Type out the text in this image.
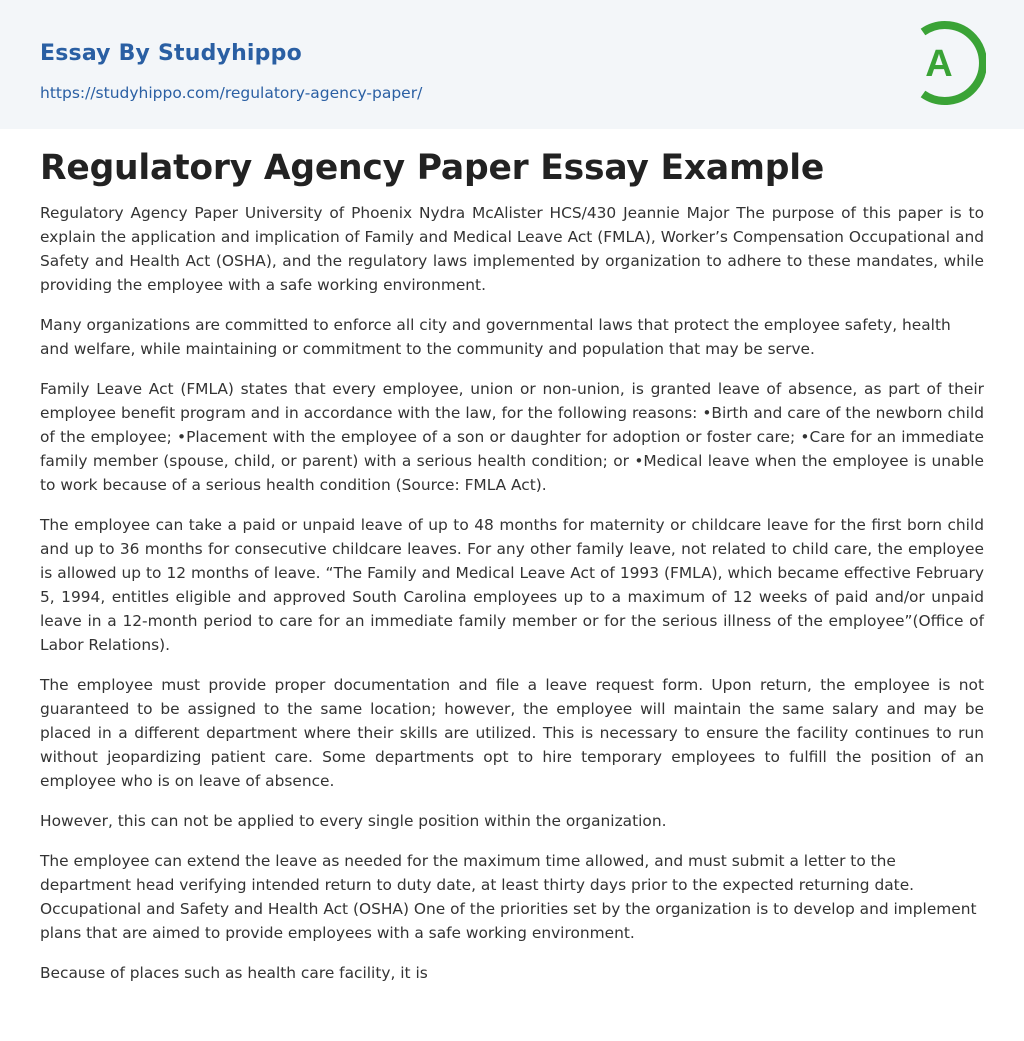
Essay By Studyhippo
https://studyhippo.com/regulatory-agency-paper/
A
Regulatory Agency Paper Essay Example

Regulatory Agency Paper University of Phoenix Nydra McAlister HCS/430 Jeannie Major The purpose of this paper is to explain the application and implication of Family and Medical Leave Act (FMLA), Worker’s Compensation Occupational and Safety and Health Act (OSHA), and the regulatory laws implemented by organization to adhere to these mandates, while providing the employee with a safe working environment.

Many organizations are committed to enforce all city and governmental laws that protect the employee safety, health and welfare, while maintaining or commitment to the community and population that may be serve.

Family Leave Act (FMLA) states that every employee, union or non-union, is granted leave of absence, as part of their employee benefit program and in accordance with the law, for the following reasons: •Birth and care of the newborn child of the employee; •Placement with the employee of a son or daughter for adoption or foster care; •Care for an immediate family member (spouse, child, or parent) with a serious health condition; or •Medical leave when the employee is unable to work because of a serious health condition (Source: FMLA Act).

The employee can take a paid or unpaid leave of up to 48 months for maternity or childcare leave for the first born child and up to 36 months for consecutive childcare leaves. For any other family leave, not related to child care, the employee is allowed up to 12 months of leave. “The Family and Medical Leave Act of 1993 (FMLA), which became effective February 5, 1994, entitles eligible and approved South Carolina employees up to a maximum of 12 weeks of paid and/or unpaid leave in a 12-month period to care for an immediate family member or for the serious illness of the employee”(Office of Labor Relations).

The employee must provide proper documentation and file a leave request form. Upon return, the employee is not guaranteed to be assigned to the same location; however, the employee will maintain the same salary and may be placed in a different department where their skills are utilized. This is necessary to ensure the facility continues to run without jeopardizing patient care. Some departments opt to hire temporary employees to fulfill the position of an employee who is on leave of absence.

However, this can not be applied to every single position within the organization.

The employee can extend the leave as needed for the maximum time allowed, and must submit a letter to the department head verifying intended return to duty date, at least thirty days prior to the expected returning date. Occupational and Safety and Health Act (OSHA) One of the priorities set by the organization is to develop and implement plans that are aimed to provide employees with a safe working environment.

Because of places such as health care facility, it is
